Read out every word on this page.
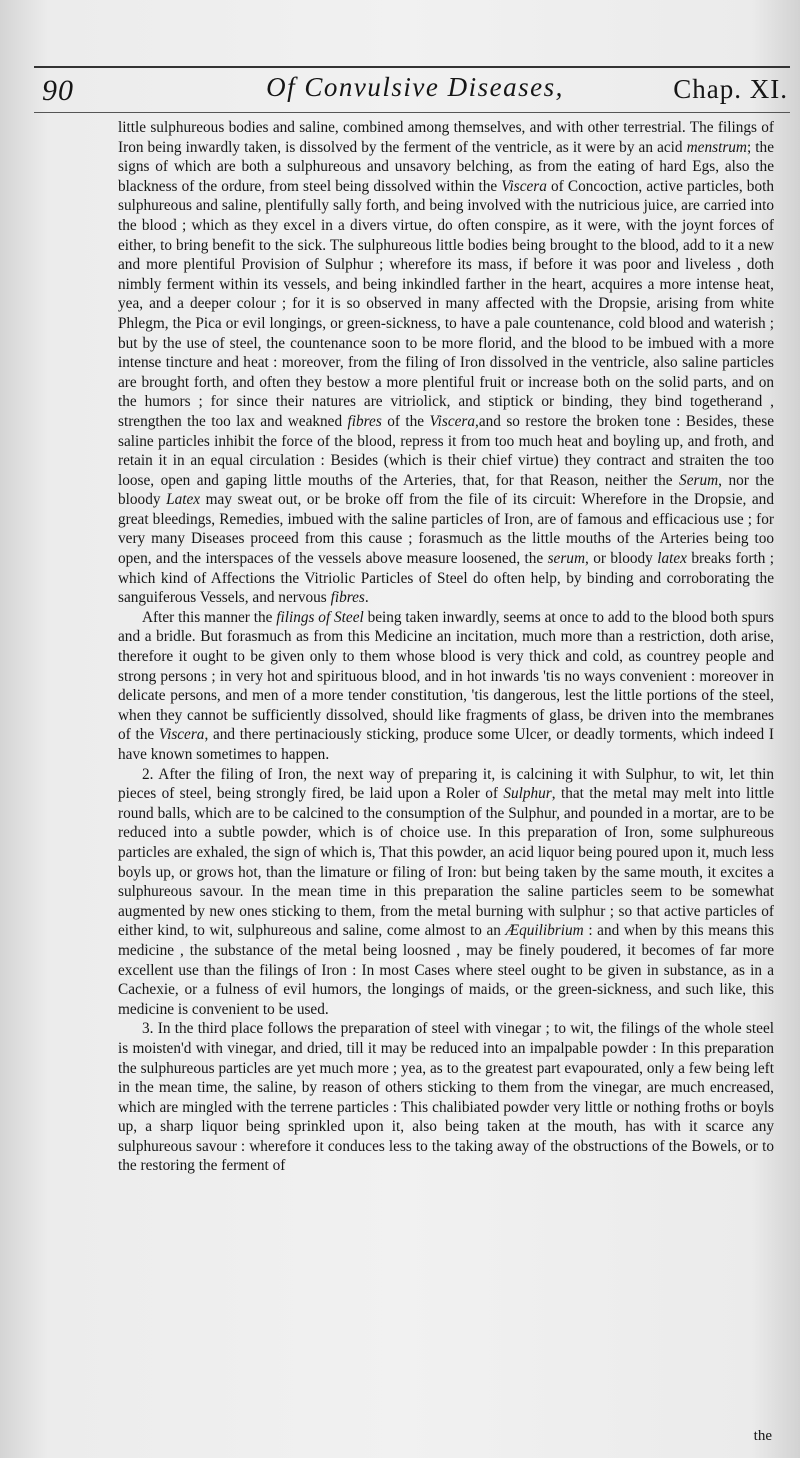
90	Of Convulsive Diseases,	Chap. XI.

little sulphureous bodies and saline, combined among themselves, and with other terrestrial. The filings of Iron being inwardly taken, is dissolved by the ferment of the ventricle, as it were by an acid menstrum; the signs of which are both a sulphureous and unsavory belching, as from the eating of hard Egs, also the blackness of the ordure, from steel being dissolved within the Viscera of Concoction, active particles, both sulphureous and saline, plentifully sally forth, and being involved with the nutricious juice, are carried into the blood ; which as they excel in a divers virtue, do often conspire, as it were, with the joynt forces of either, to bring benefit to the sick. The sulphureous little bodies being brought to the blood, add to it a new and more plentiful Provision of Sulphur ; wherefore its mass, if before it was poor and liveless , doth nimbly ferment within its vessels, and being inkindled farther in the heart, acquires a more intense heat, yea, and a deeper colour ; for it is so observed in many affected with the Dropsie, arising from white Phlegm, the Pica or evil longings, or green-sickness, to have a pale countenance, cold blood and waterish ; but by the use of steel, the countenance soon to be more florid, and the blood to be imbued with a more intense tincture and heat : moreover, from the filing of Iron dissolved in the ventricle, also saline particles are brought forth, and often they bestow a more plentiful fruit or increase both on the solid parts, and on the humors ; for since their natures are vitriolick, and stiptick or binding, they bind togetherand , strengthen the too lax and weakned fibres of the Viscera,and so restore the broken tone : Besides, these saline particles inhibit the force of the blood, repress it from too much heat and boyling up, and froth, and retain it in an equal circulation : Besides (which is their chief virtue) they contract and straiten the too loose, open and gaping little mouths of the Arteries, that, for that Reason, neither the Serum, nor the bloody Latex may sweat out, or be broke off from the file of its circuit: Wherefore in the Dropsie, and great bleedings, Remedies, imbued with the saline particles of Iron, are of famous and efficacious use ; for very many Diseases proceed from this cause ; forasmuch as the little mouths of the Arteries being too open, and the interspaces of the vessels above measure loosened, the serum, or bloody latex breaks forth ; which kind of Affections the Vitriolic Particles of Steel do often help, by binding and corroborating the sanguiferous Vessels, and nervous fibres.

After this manner the filings of Steel being taken inwardly, seems at once to add to the blood both spurs and a bridle. But forasmuch as from this Medicine an incitation, much more than a restriction, doth arise, therefore it ought to be given only to them whose blood is very thick and cold, as countrey people and strong persons ; in very hot and spirituous blood, and in hot inwards 'tis no ways convenient : moreover in delicate persons, and men of a more tender constitution, 'tis dangerous, lest the little portions of the steel, when they cannot be sufficiently dissolved, should like fragments of glass, be driven into the membranes of the Viscera, and there pertinaciously sticking, produce some Ulcer, or deadly torments, which indeed I have known sometimes to happen.

2. After the filing of Iron, the next way of preparing it, is calcining it with Sulphur, to wit, let thin pieces of steel, being strongly fired, be laid upon a Roler of Sulphur, that the metal may melt into little round balls, which are to be calcined to the consumption of the Sulphur, and pounded in a mortar, are to be reduced into a subtle powder, which is of choice use. In this preparation of Iron, some sulphureous particles are exhaled, the sign of which is, That this powder, an acid liquor being poured upon it, much less boyls up, or grows hot, than the limature or filing of Iron: but being taken by the same mouth, it excites a sulphureous savour. In the mean time in this preparation the saline particles seem to be somewhat augmented by new ones sticking to them, from the metal burning with sulphur ; so that active particles of either kind, to wit, sulphureous and saline, come almost to an Æquilibrium : and when by this means this medicine , the substance of the metal being loosned , may be finely poudered, it becomes of far more excellent use than the filings of Iron : In most Cases where steel ought to be given in substance, as in a Cachexie, or a fulness of evil humors, the longings of maids, or the green-sickness, and such like, this medicine is convenient to be used.

3. In the third place follows the preparation of steel with vinegar ; to wit, the filings of the whole steel is moisten'd with vinegar, and dried, till it may be reduced into an impalpable powder : In this preparation the sulphureous particles are yet much more ; yea, as to the greatest part evapourated, only a few being left in the mean time, the saline, by reason of others sticking to them from the vinegar, are much encreased, which are mingled with the terrene particles : This chalibiated powder very little or nothing froths or boyls up, a sharp liquor being sprinkled upon it, also being taken at the mouth, has with it scarce any sulphureous savour : wherefore it conduces less to the taking away of the obstructions of the Bowels, or to the restoring the ferment of

the
